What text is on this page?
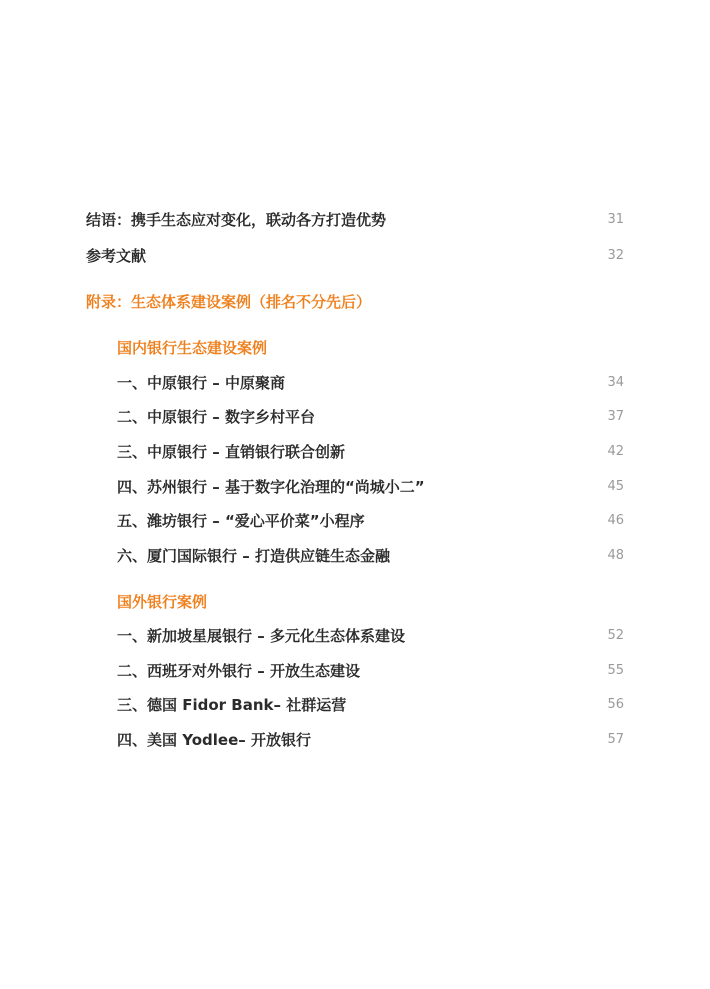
结语：携手生态应对变化，联动各方打造优势	31
参考文献	32
附录：生态体系建设案例（排名不分先后）
国内银行生态建设案例
一、中原银行 – 中原聚商	34
二、中原银行 – 数字乡村平台	37
三、中原银行 – 直销银行联合创新	42
四、苏州银行 – 基于数字化治理的“尚城小二”	45
五、潍坊银行 – “爱心平价菜”小程序	46
六、厦门国际银行 – 打造供应链生态金融	48
国外银行案例
一、新加坡星展银行 – 多元化生态体系建设	52
二、西班牙对外银行 – 开放生态建设	55
三、德国 Fidor Bank– 社群运营	56
四、美国 Yodlee– 开放银行	57
